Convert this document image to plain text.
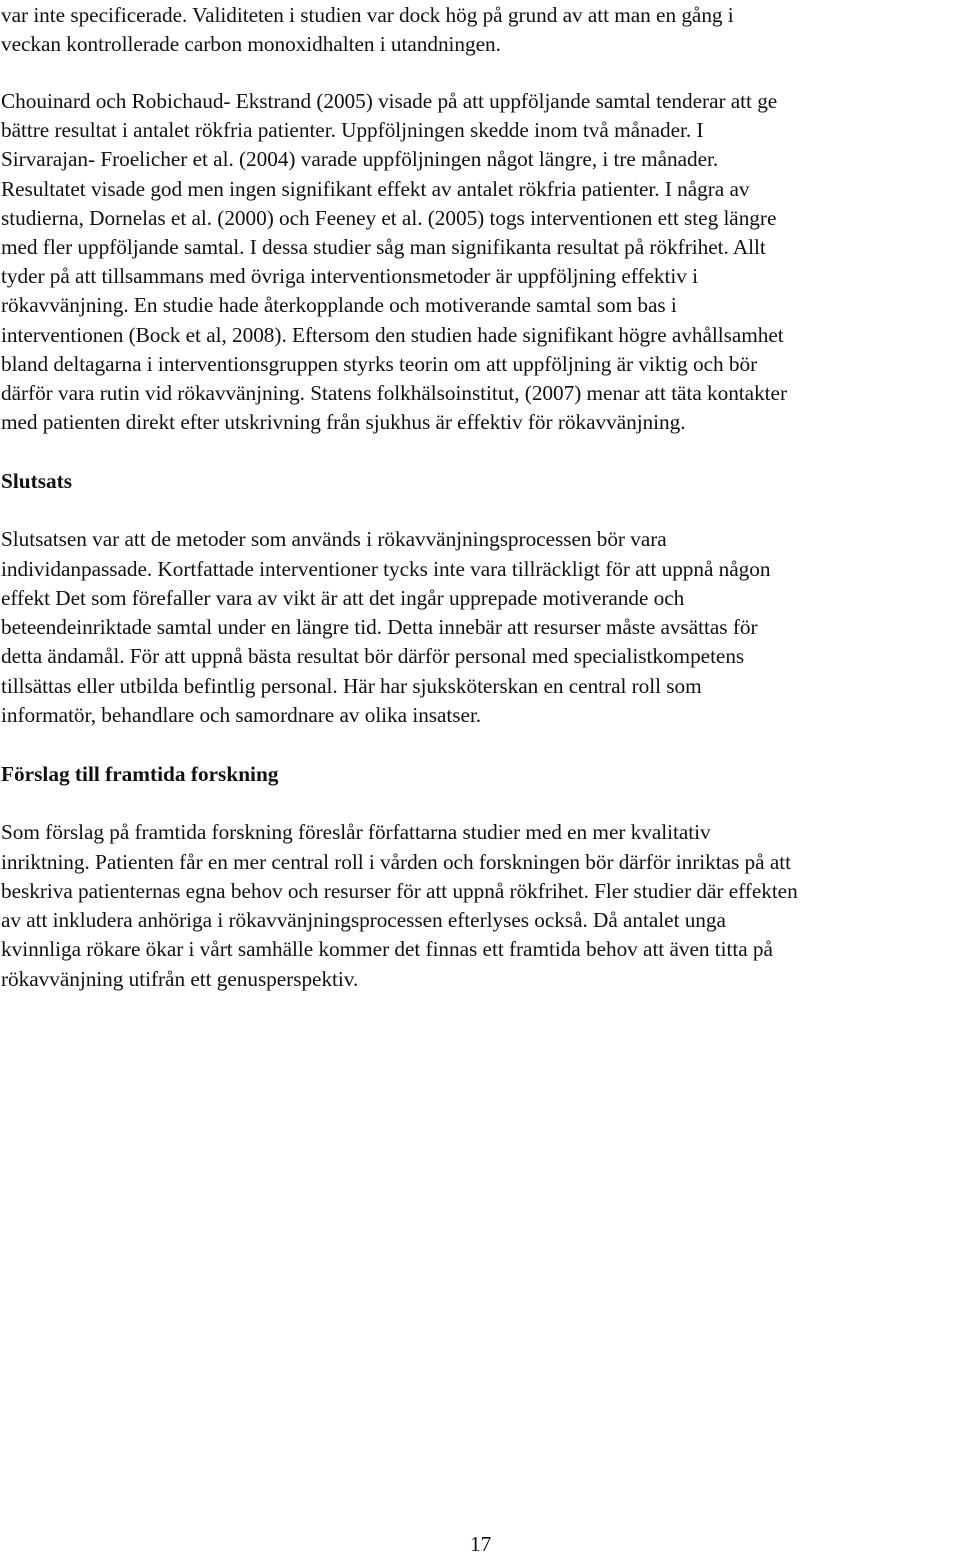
var inte specificerade. Validiteten i studien var dock hög på grund av att man en gång i
veckan kontrollerade carbon monoxidhalten i utandningen.
Chouinard och Robichaud- Ekstrand (2005) visade på att uppföljande samtal tenderar att ge
bättre resultat i antalet rökfria patienter. Uppföljningen skedde inom två månader. I
Sirvarajan- Froelicher et al. (2004) varade uppföljningen något längre, i tre månader.
Resultatet visade god men ingen signifikant effekt av antalet rökfria patienter. I några av
studierna, Dornelas et al. (2000) och Feeney et al. (2005) togs interventionen ett steg längre
med fler uppföljande samtal. I dessa studier såg man signifikanta resultat på rökfrihet. Allt
tyder på att tillsammans med övriga interventionsmetoder är uppföljning effektiv i
rökavvänjning. En studie hade återkopplande och motiverande samtal som bas i
interventionen (Bock et al, 2008). Eftersom den studien hade signifikant högre avhållsamhet
bland deltagarna i interventionsgruppen styrks teorin om att uppföljning är viktig och bör
därför vara rutin vid rökavvänjning. Statens folkhälsoinstitut, (2007) menar att täta kontakter
med patienten direkt efter utskrivning från sjukhus är effektiv för rökavvänjning.
Slutsats
Slutsatsen var att de metoder som används i rökavvänjningsprocessen bör vara
individanpassade. Kortfattade interventioner tycks inte vara tillräckligt för att uppnå någon
effekt Det som förefaller vara av vikt är att det ingår upprepade motiverande och
beteendeinriktade samtal under en längre tid. Detta innebär att resurser måste avsättas för
detta ändamål. För att uppnå bästa resultat bör därför personal med specialistkompetens
tillsättas eller utbilda befintlig personal. Här har sjuksköterskan en central roll som
informatör, behandlare och samordnare av olika insatser.
Förslag till framtida forskning
Som förslag på framtida forskning föreslår författarna studier med en mer kvalitativ
inriktning. Patienten får en mer central roll i vården och forskningen bör därför inriktas på att
beskriva patienternas egna behov och resurser för att uppnå rökfrihet. Fler studier där effekten
av att inkludera anhöriga i rökavvänjningsprocessen efterlyses också. Då antalet unga
kvinnliga rökare ökar i vårt samhälle kommer det finnas ett framtida behov att även titta på
rökavvänjning utifrån ett genusperspektiv.
17
